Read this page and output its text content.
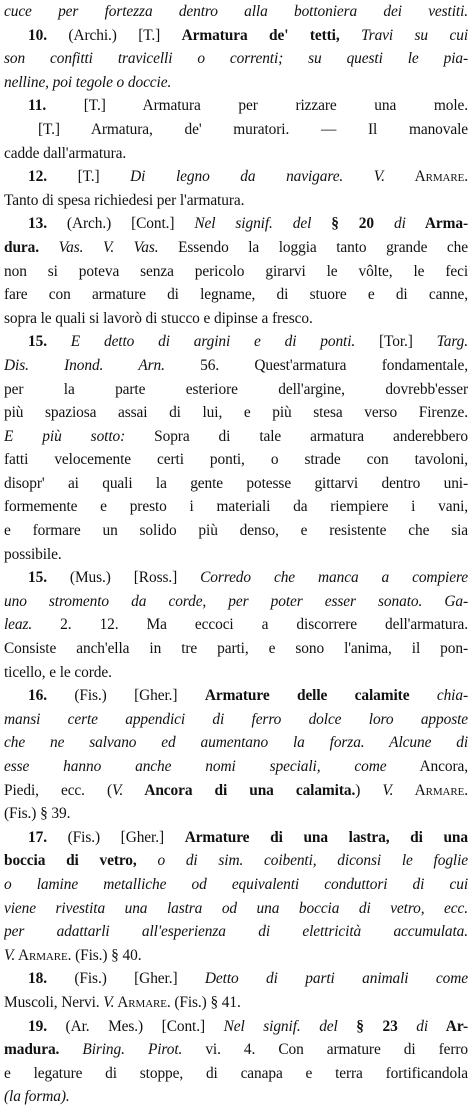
cuce per fortezza dentro alla bottoniera dei vestiti.
10. (Archi.) [T.] Armatura de' tetti, Travi su cui
son confitti travicelli o correnti; su questi le pia-
nelline, poi tegole o doccie.
11. [T.] Armatura per rizzare una mole.
[T.] Armatura, de' muratori. — Il manovale
cadde dall'armatura.
12. [T.] Di legno da navigare. V. Armare.
Tanto di spesa richiedesi per l'armatura.
13. (Arch.) [Cont.] Nel signif. del § 20 di Arma-
dura. Vas. V. Vas. Essendo la loggia tanto grande che
non si poteva senza pericolo girarvi le vôlte, le feci
fare con armature di legname, di stuore e di canne,
sopra le quali si lavorò di stucco e dipinse a fresco.
15. E detto di argini e di ponti. [Tor.] Targ.
Dis. Inond. Arn. 56. Quest'armatura fondamentale,
per la parte esteriore dell'argine, dovrebb'esser
più spaziosa assai di lui, e più stesa verso Firenze.
E più sotto: Sopra di tale armatura anderebbero
fatti velocemente certi ponti, o strade con tavoloni,
disopr' ai quali la gente potesse gittarvi dentro uni-
formemente e presto i materiali da riempiere i vani,
e formare un solido più denso, e resistente che sia
possibile.
15. (Mus.) [Ross.] Corredo che manca a compiere
uno stromento da corde, per poter esser sonato. Ga-
leaz. 2. 12. Ma eccoci a discorrere dell'armatura.
Consiste anch'ella in tre parti, e sono l'anima, il pon-
ticello, e le corde.
16. (Fis.) [Gher.] Armature delle calamite chia-
mansi certe appendici di ferro dolce loro apposte
che ne salvano ed aumentano la forza. Alcune di
esse hanno anche nomi speciali, come Ancora,
Piedi, ecc. (V. Ancora di una calamita.) V. Armare.
(Fis.) § 39.
17. (Fis.) [Gher.] Armature di una lastra, di una
boccia di vetro, o di sim. coibenti, diconsi le foglie
o lamine metalliche od equivalenti conduttori di cui
viene rivestita una lastra od una boccia di vetro, ecc.
per adattarli all'esperienza di elettricità accumulata.
V. Armare. (Fis.) § 40.
18. (Fis.) [Gher.] Detto di parti animali come
Muscoli, Nervi. V. Armare. (Fis.) § 41.
19. (Ar. Mes.) [Cont.] Nel signif. del § 23 di Ar-
madura. Biring. Pirot. vi. 4. Con armature di ferro
e legature di stoppe, di canapa e terra fortificandola
(la forma).
